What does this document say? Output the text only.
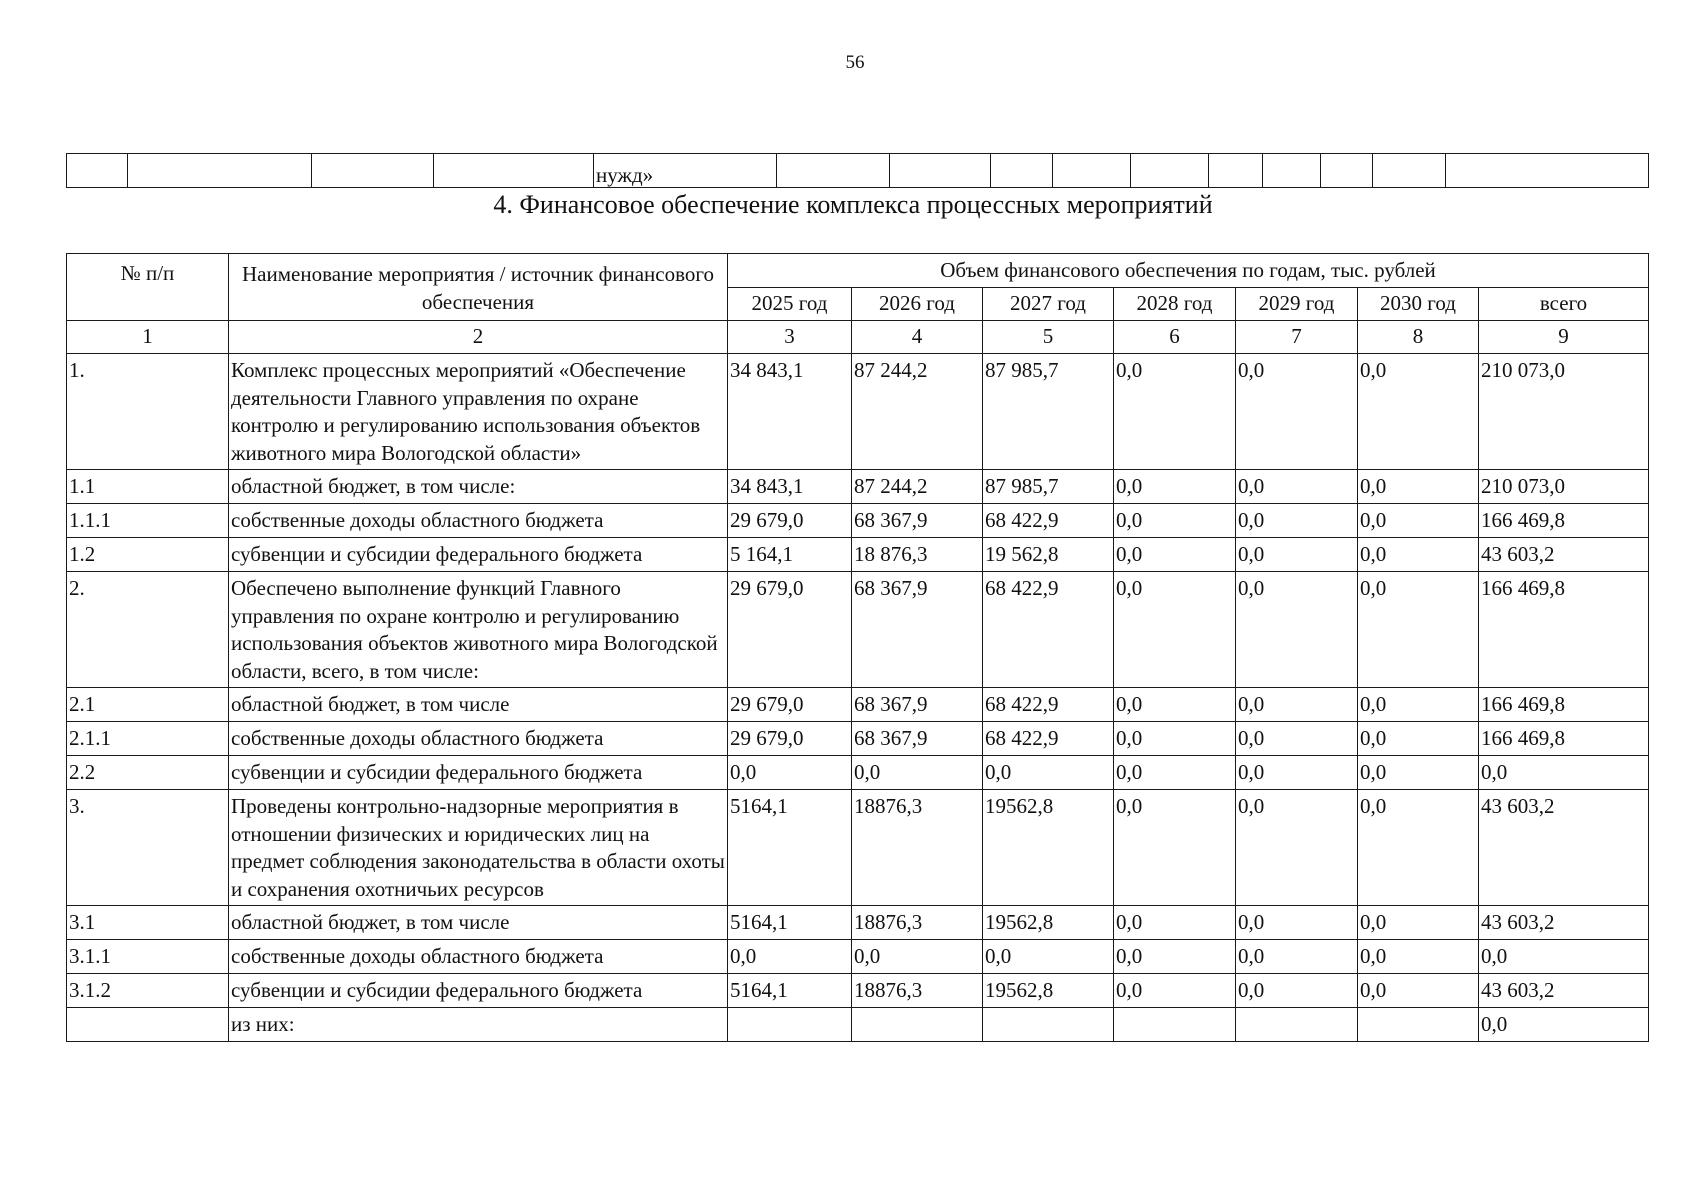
56
				нужд»										
4. Финансовое обеспечение комплекса процессных мероприятий
№ п/п	Наименование мероприятия / источник финансового обеспечения	Объем финансового обеспечения по годам, тыс. рублей						
		2025 год	2026 год	2027 год	2028 год	2029 год	2030 год	всего
1	2	3	4	5	6	7	8	9
1.	Комплекс процессных мероприятий «Обеспечение деятельности Главного управления по охране контролю и регулированию использования объектов животного мира Вологодской области»	34 843,1	87 244,2	87 985,7	0,0	0,0	0,0	210 073,0
1.1	областной бюджет, в том числе:	34 843,1	87 244,2	87 985,7	0,0	0,0	0,0	210 073,0
1.1.1	собственные доходы областного бюджета	29 679,0	68 367,9	68 422,9	0,0	0,0	0,0	166 469,8
1.2	субвенции и субсидии федерального бюджета	5 164,1	18 876,3	19 562,8	0,0	0,0	0,0	43 603,2
2.	Обеспечено выполнение функций Главного управления по охране контролю и регулированию использования объектов животного мира Вологодской области, всего, в том числе:	29 679,0	68 367,9	68 422,9	0,0	0,0	0,0	166 469,8
2.1	областной бюджет, в том числе	29 679,0	68 367,9	68 422,9	0,0	0,0	0,0	166 469,8
2.1.1	собственные доходы областного бюджета	29 679,0	68 367,9	68 422,9	0,0	0,0	0,0	166 469,8
2.2	субвенции и субсидии федерального бюджета	0,0	0,0	0,0	0,0	0,0	0,0	0,0
3.	Проведены контрольно-надзорные мероприятия в отношении физических и юридических лиц на предмет соблюдения законодательства в области охоты и сохранения охотничьих ресурсов	5164,1	18876,3	19562,8	0,0	0,0	0,0	43 603,2
3.1	областной бюджет, в том числе	5164,1	18876,3	19562,8	0,0	0,0	0,0	43 603,2
3.1.1	собственные доходы областного бюджета	0,0	0,0	0,0	0,0	0,0	0,0	0,0
3.1.2	субвенции и субсидии федерального бюджета	5164,1	18876,3	19562,8	0,0	0,0	0,0	43 603,2
	из них:							0,0
